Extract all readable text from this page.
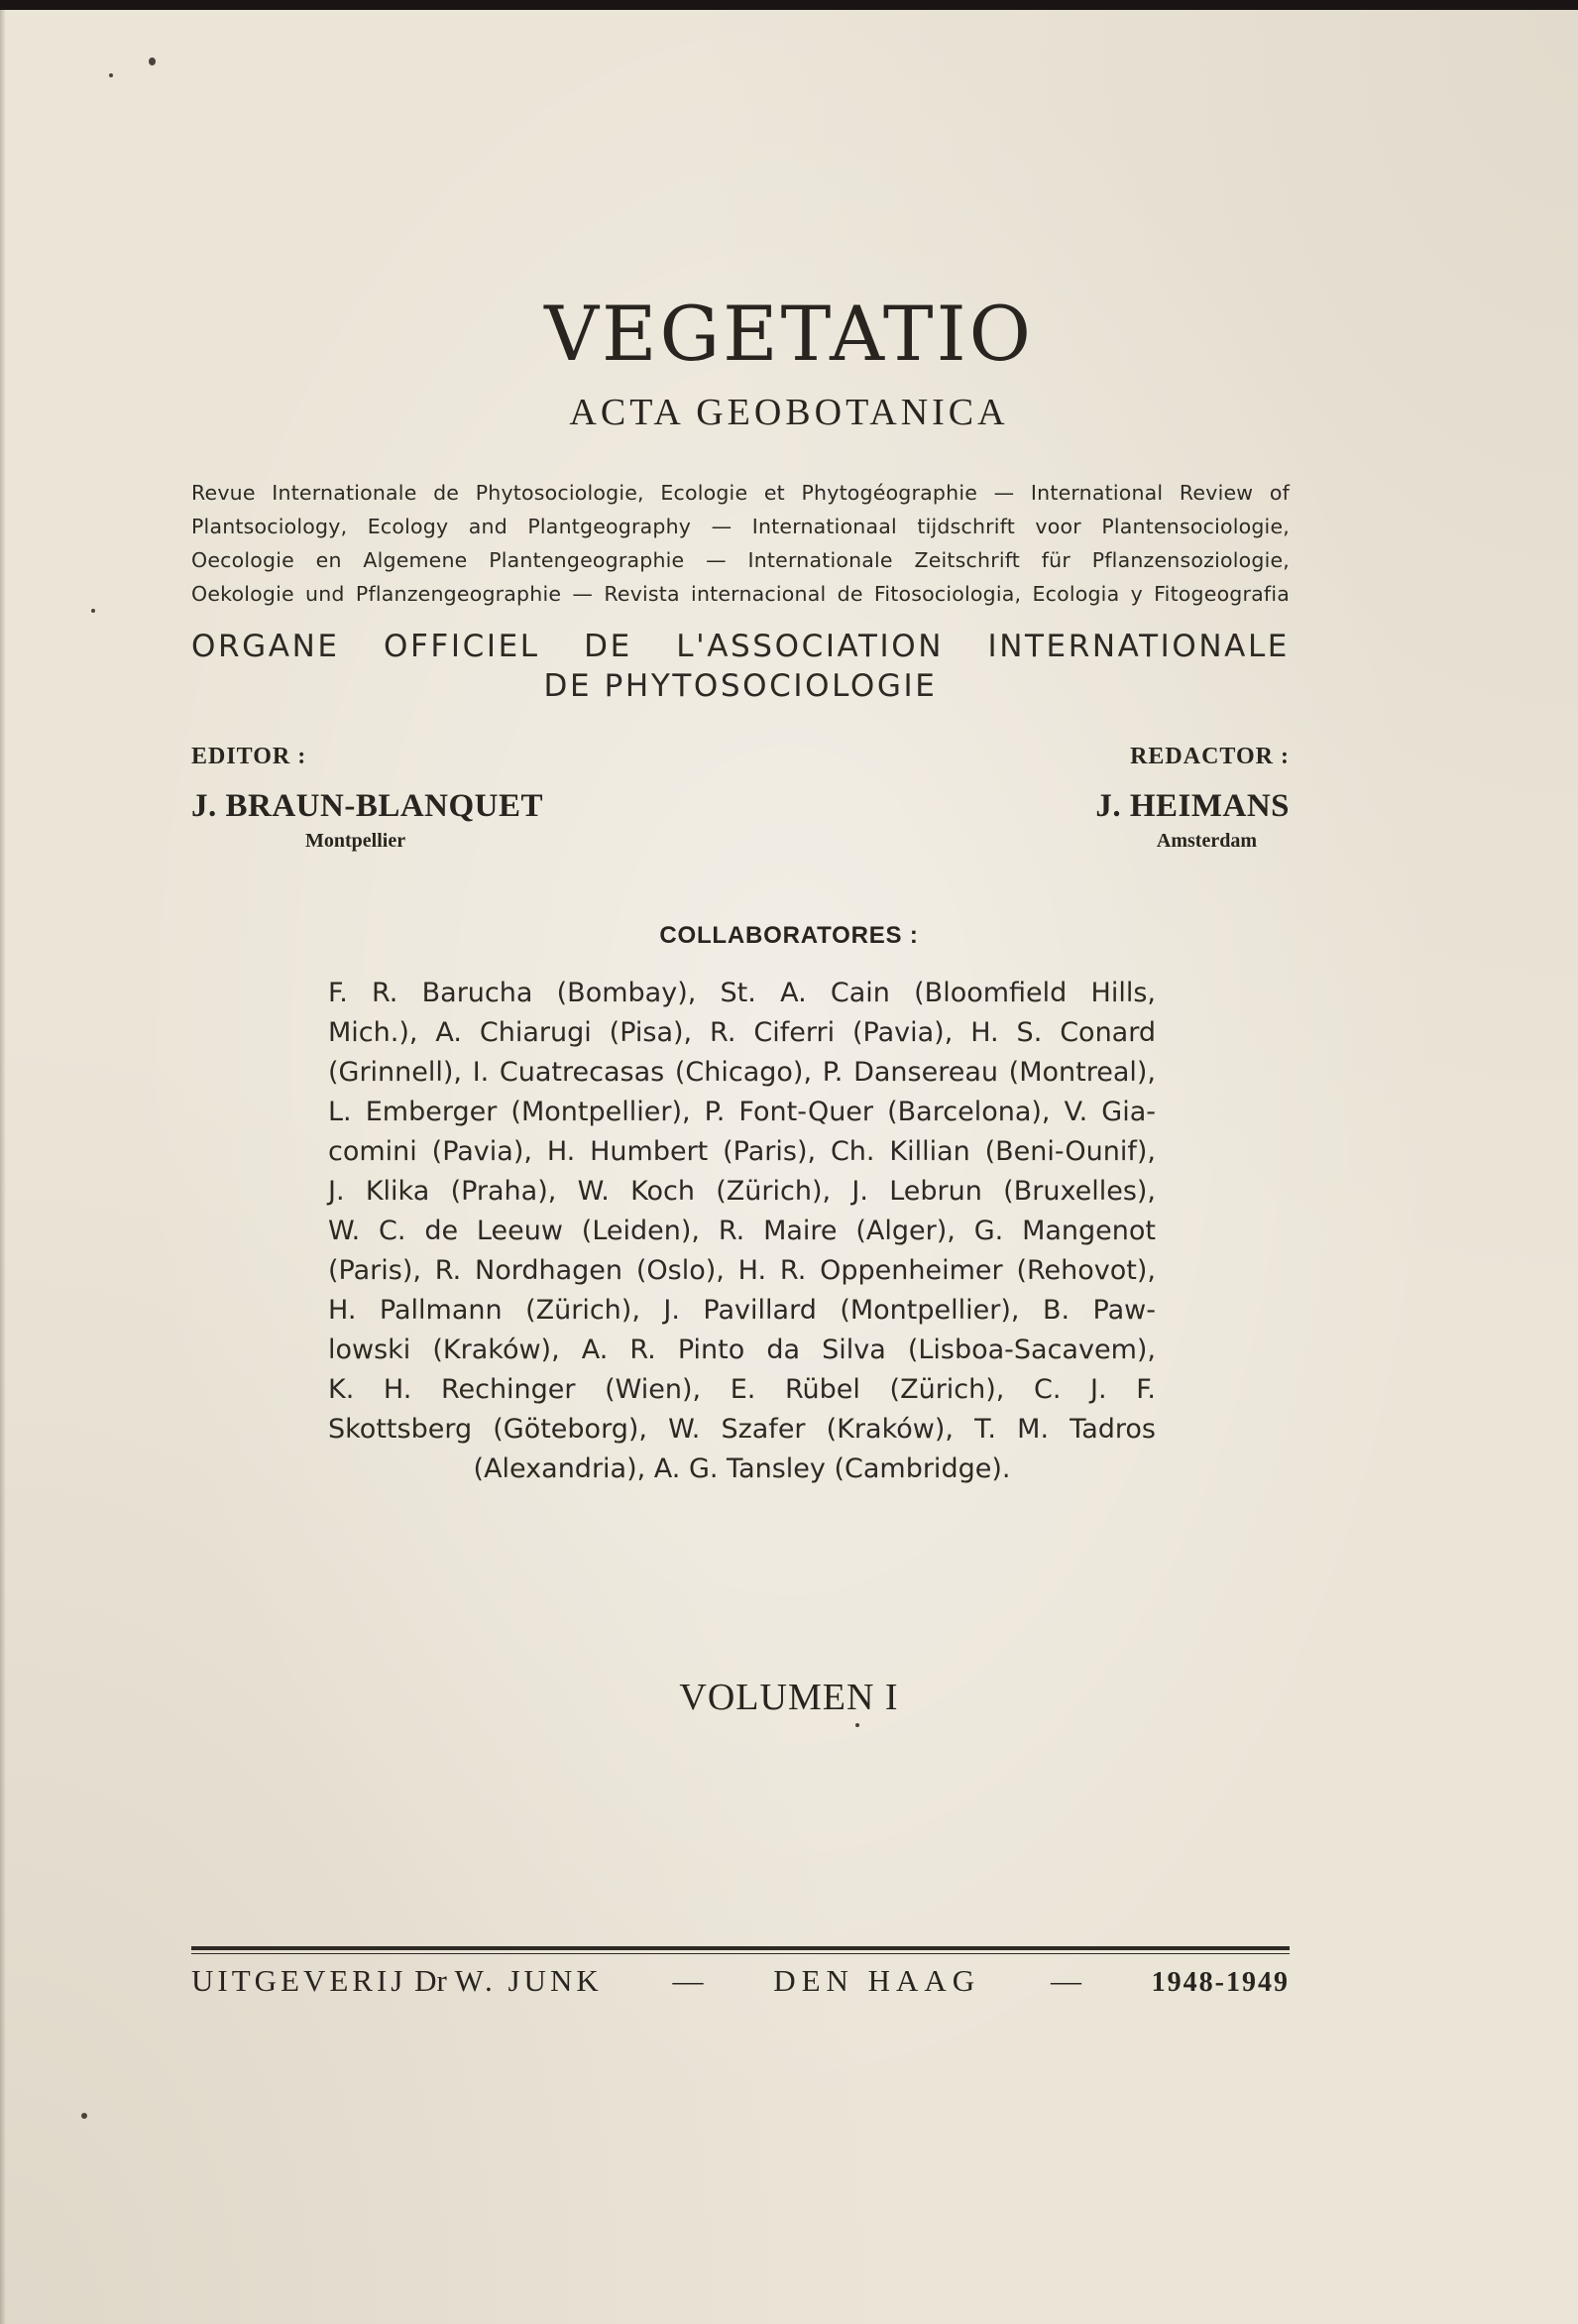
VEGETATIO
ACTA GEOBOTANICA
Revue Internationale de Phytosociologie, Ecologie et Phytogéographie — International Review of
Plantsociology, Ecology and Plantgeography — Internationaal tijdschrift voor Plantensociologie,
Oecologie en Algemene Plantengeographie — Internationale Zeitschrift für Pflanzensoziologie,
Oekologie und Pflanzengeographie — Revista internacional de Fitosociologia, Ecologia y Fitogeografia
ORGANE OFFICIEL DE L'ASSOCIATION INTERNATIONALE
DE PHYTOSOCIOLOGIE
EDITOR :
J. BRAUN-BLANQUET
Montpellier
REDACTOR :
J. HEIMANS
Amsterdam
COLLABORATORES :
F. R. Barucha (Bombay), St. A. Cain (Bloomfield Hills,
Mich.), A. Chiarugi (Pisa), R. Ciferri (Pavia), H. S. Conard
(Grinnell), I. Cuatrecasas (Chicago), P. Dansereau (Montreal),
L. Emberger (Montpellier), P. Font-Quer (Barcelona), V. Gia-
comini (Pavia), H. Humbert (Paris), Ch. Killian (Beni-Ounif),
J. Klika (Praha), W. Koch (Zürich), J. Lebrun (Bruxelles),
W. C. de Leeuw (Leiden), R. Maire (Alger), G. Mangenot
(Paris), R. Nordhagen (Oslo), H. R. Oppenheimer (Rehovot),
H. Pallmann (Zürich), J. Pavillard (Montpellier), B. Paw-
lowski (Kraków), A. R. Pinto da Silva (Lisboa-Sacavem),
K. H. Rechinger (Wien), E. Rübel (Zürich), C. J. F.
Skottsberg (Göteborg), W. Szafer (Kraków), T. M. Tadros
(Alexandria), A. G. Tansley (Cambridge).
VOLUMEN I
UITGEVERIJ Dr W. JUNK — DEN HAAG —	1948-1949
